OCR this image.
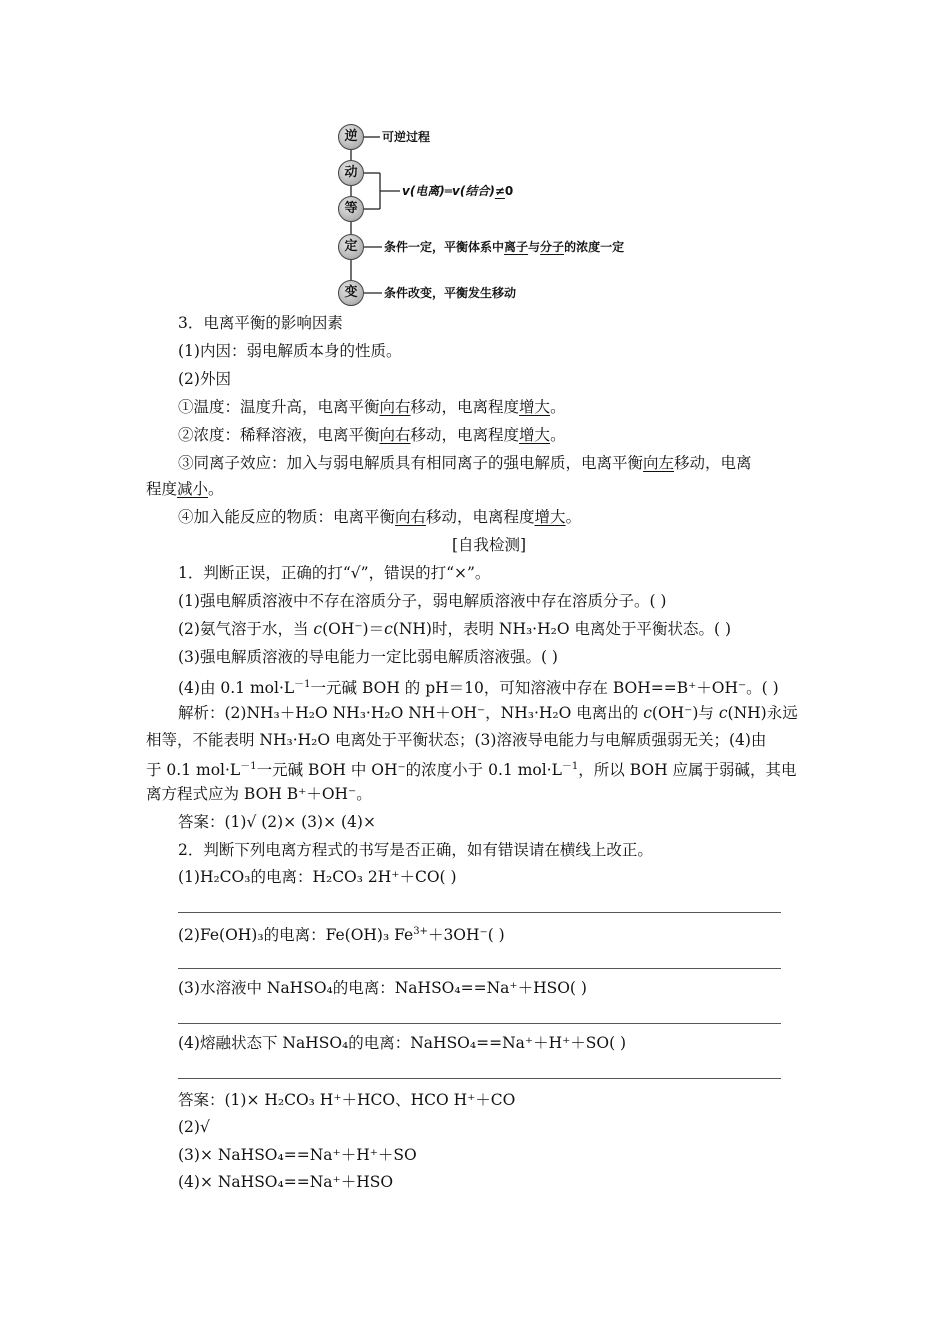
逆
动
等
定
变
可逆过程
v(电离)═v(结合)≠0
条件一定，平衡体系中离子与分子的浓度一定
条件改变，平衡发生移动
3．电离平衡的影响因素
(1)内因：弱电解质本身的性质。
(2)外因
①温度：温度升高，电离平衡向右移动，电离程度增大。
②浓度：稀释溶液，电离平衡向右移动，电离程度增大。
③同离子效应：加入与弱电解质具有相同离子的强电解质，电离平衡向左移动，电离
程度减小。
④加入能反应的物质：电离平衡向右移动，电离程度增大。
[自我检测]
1．判断正误，正确的打“√”，错误的打“×”。
(1)强电解质溶液中不存在溶质分子，弱电解质溶液中存在溶质分子。( )
(2)氨气溶于水，当 c(OH⁻)＝c(NH)时，表明 NH₃·H₂O 电离处于平衡状态。( )
(3)强电解质溶液的导电能力一定比弱电解质溶液强。( )
(4)由 0.1 $mol\cdot L^{-1}$一元碱 BOH 的 pH＝10，可知溶液中存在 BOH==B⁺＋OH⁻。( )
解析：(2)NH₃＋H₂O NH₃·H₂O NH＋OH⁻，NH₃·H₂O 电离出的 c(OH⁻)与 c(NH)永远
相等，不能表明 NH₃·H₂O 电离处于平衡状态；(3)溶液导电能力与电解质强弱无关；(4)由
于 0.1 $mol\cdot L^{-1}$一元碱 BOH 中 OH⁻的浓度小于 0.1 $mol\cdot L^{-1}$，所以 BOH 应属于弱碱，其电
离方程式应为 BOH B⁺＋OH⁻。
答案：(1)√ (2)× (3)× (4)×
2．判断下列电离方程式的书写是否正确，如有错误请在横线上改正。
(1)H₂CO₃的电离：H₂CO₃ 2H⁺＋CO( )
(2)Fe(OH)₃的电离：Fe(OH)₃ $Fe^{3+}+3OH^-$( )
(3)水溶液中 NaHSO₄的电离：NaHSO₄==Na⁺＋HSO( )
(4)熔融状态下 NaHSO₄的电离：NaHSO₄==Na⁺＋H⁺＋SO( )
答案：(1)× H₂CO₃ H⁺＋HCO、HCO H⁺＋CO
(2)√
(3)× NaHSO₄==Na⁺＋H⁺＋SO
(4)× NaHSO₄==Na⁺＋HSO
